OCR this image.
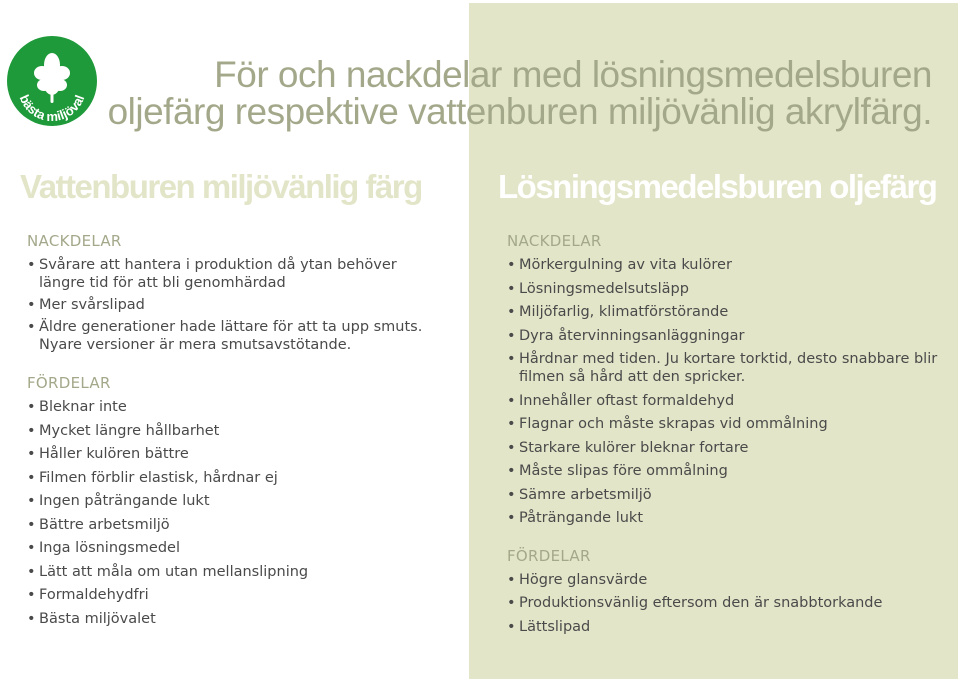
bästa miljöval
För och nackdelar med lösningsmedelsburen
oljefärg respektive vattenburen miljövänlig akrylfärg.
Vattenburen miljövänlig färg Lösningsmedelsburen oljefärg
NACKDELAR
• Svårare att hantera i produktion då ytan behöver längre tid för att bli genomhärdad
• Mer svårslipad
• Äldre generationer hade lättare för att ta upp smuts. Nyare versioner är mera smutsavstötande.
FÖRDELAR
• Bleknar inte
• Mycket längre hållbarhet
• Håller kulören bättre
• Filmen förblir elastisk, hårdnar ej
• Ingen påträngande lukt
• Bättre arbetsmiljö
• Inga lösningsmedel
• Lätt att måla om utan mellanslipning
• Formaldehydfri
• Bästa miljövalet
NACKDELAR
• Mörkergulning av vita kulörer
• Lösningsmedelsutsläpp
• Miljöfarlig, klimatförstörande
• Dyra återvinningsanläggningar
• Hårdnar med tiden. Ju kortare torktid, desto snabbare blir filmen så hård att den spricker.
• Innehåller oftast formaldehyd
• Flagnar och måste skrapas vid ommålning
• Starkare kulörer bleknar fortare
• Måste slipas före ommålning
• Sämre arbetsmiljö
• Påträngande lukt
FÖRDELAR
• Högre glansvärde
• Produktionsvänlig eftersom den är snabbtorkande
• Lättslipad
